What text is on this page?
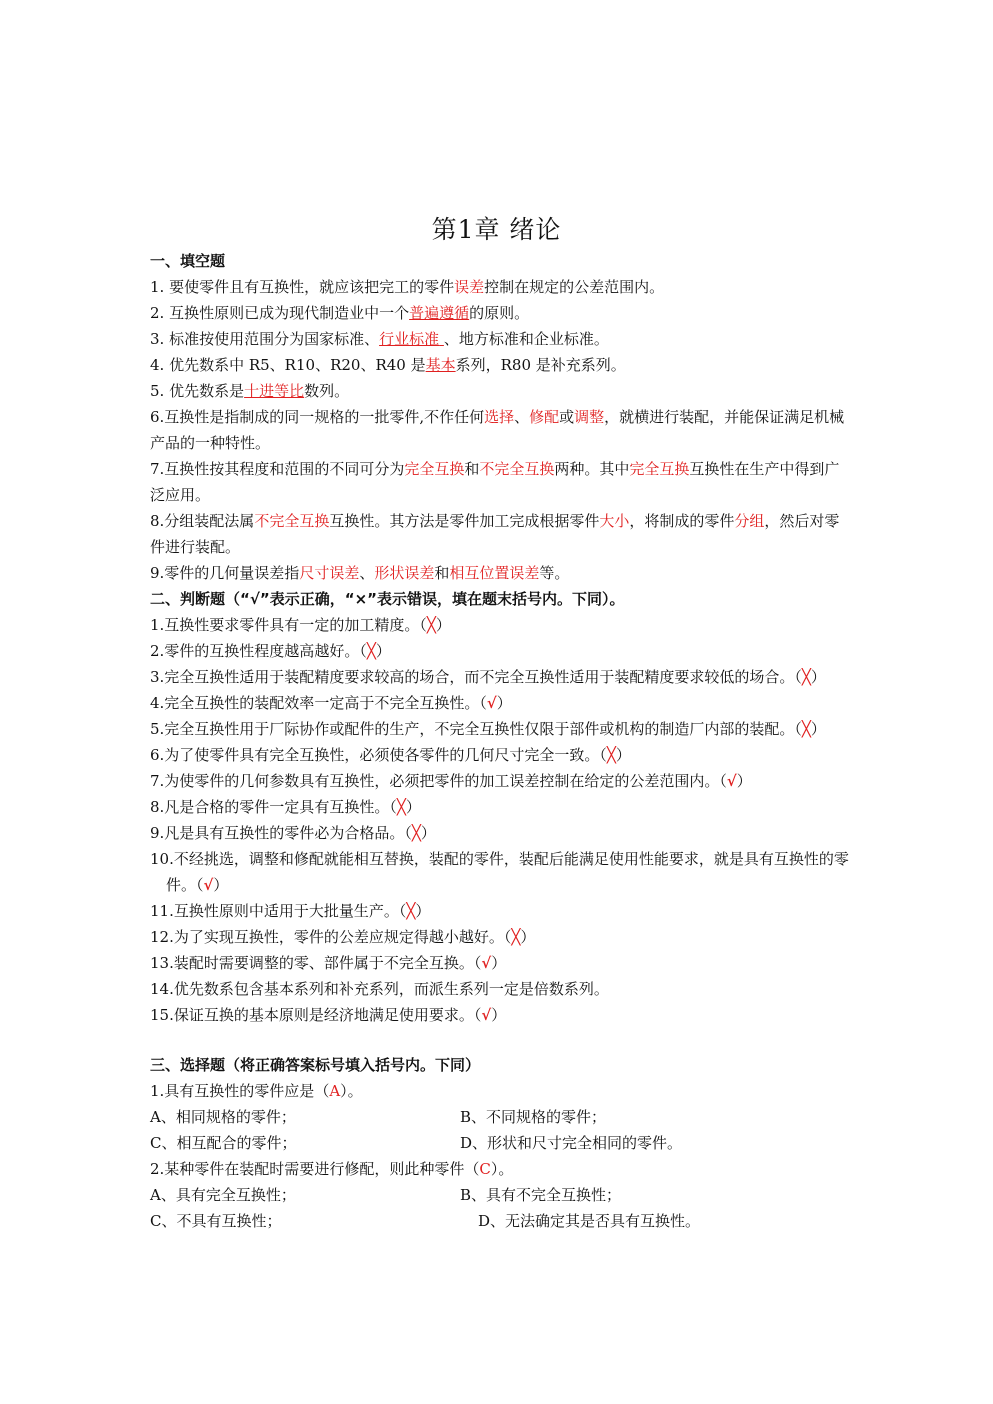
第1章 绪论
一、填空题
1. 要使零件且有互换性，就应该把完工的零件误差控制在规定的公差范围内。
2. 互换性原则已成为现代制造业中一个普遍遵循的原则。
3. 标准按使用范围分为国家标准、行业标准 、地方标准和企业标准。
4. 优先数系中 R5、R10、R20、R40 是基本系列，R80 是补充系列。
5. 优先数系是十进等比数列。
6.互换性是指制成的同一规格的一批零件,不作任何选择、修配或调整，就横进行装配，并能保证满足机械产品的一种特性。
7.互换性按其程度和范围的不同可分为完全互换和不完全互换两种。其中完全互换互换性在生产中得到广泛应用。
8.分组装配法属不完全互换互换性。其方法是零件加工完成根据零件大小，将制成的零件分组，然后对零件进行装配。
9.零件的几何量误差指尺寸误差、形状误差和相互位置误差等。
二、判断题（“√”表示正确，“×”表示错误，填在题末括号内。下同）。
1.互换性要求零件具有一定的加工精度。（╳）
2.零件的互换性程度越高越好。（╳）
3.完全互换性适用于装配精度要求较高的场合，而不完全互换性适用于装配精度要求较低的场合。（╳）
4.完全互换性的装配效率一定高于不完全互换性。（√）
5.完全互换性用于厂际协作或配件的生产，不完全互换性仅限于部件或机构的制造厂内部的装配。（╳）
6.为了使零件具有完全互换性，必须使各零件的几何尺寸完全一致。（╳）
7.为使零件的几何参数具有互换性，必须把零件的加工误差控制在给定的公差范围内。（√）
8.凡是合格的零件一定具有互换性。（╳）
9.凡是具有互换性的零件必为合格品。（╳）
10.不经挑选，调整和修配就能相互替换，装配的零件，装配后能满足使用性能要求，就是具有互换性的零件。（√）
11.互换性原则中适用于大批量生产。（╳）
12.为了实现互换性，零件的公差应规定得越小越好。（╳）
13.装配时需要调整的零、部件属于不完全互换。（√）
14.优先数系包含基本系列和补充系列，而派生系列一定是倍数系列。
15.保证互换的基本原则是经济地满足使用要求。（√）
三、选择题（将正确答案标号填入括号内。下同）
1.具有互换性的零件应是（A）。
A、相同规格的零件；	B、不同规格的零件；
C、相互配合的零件；	D、形状和尺寸完全相同的零件。
2.某种零件在装配时需要进行修配，则此种零件（C）。
A、具有完全互换性；	B、具有不完全互换性；
C、不具有互换性；	D、无法确定其是否具有互换性。
